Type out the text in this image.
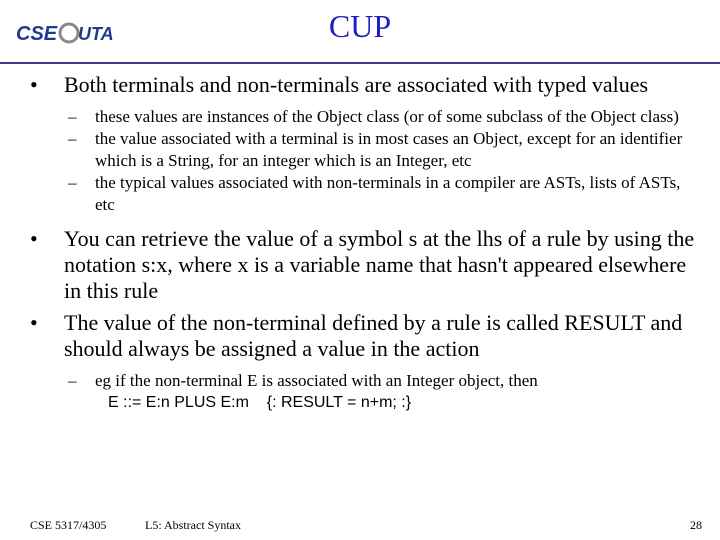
CSE UTA	CUP
• Both terminals and non-terminals are associated with typed values
– these values are instances of the Object class (or of some subclass of the Object class)
– the value associated with a terminal is in most cases an Object, except for an identifier which is a String, for an integer which is an Integer, etc
– the typical values associated with non-terminals in a compiler are ASTs, lists of ASTs, etc
• You can retrieve the value of a symbol s at the lhs of a rule by using the notation s:x, where x is a variable name that hasn't appeared elsewhere in this rule
• The value of the non-terminal defined by a rule is called RESULT and should always be assigned a value in the action
– eg if the non-terminal E is associated with an Integer object, then
E ::= E:n PLUS E:m    {: RESULT = n+m; :}
CSE 5317/4305	L5: Abstract Syntax	28
